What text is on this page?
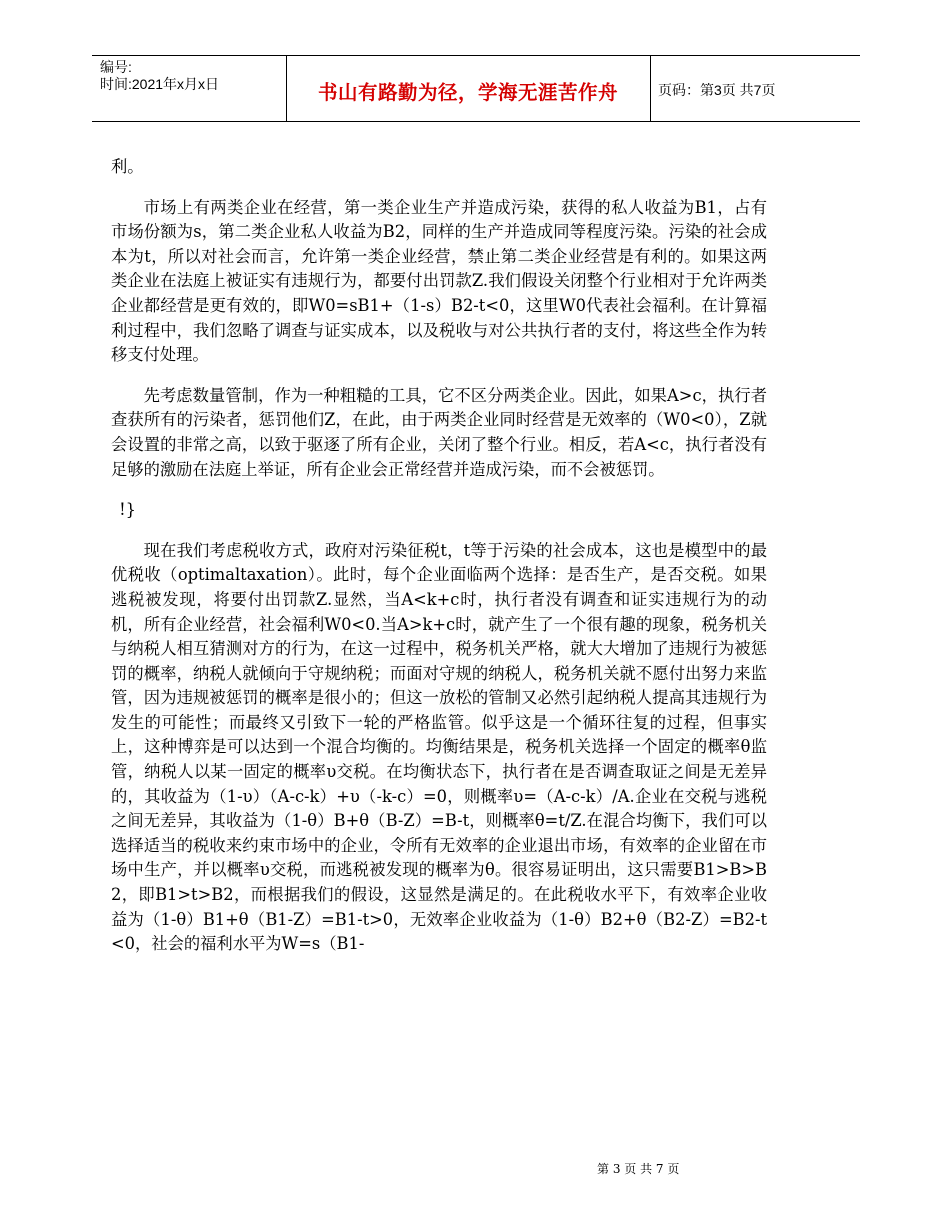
编号:
时间:2021年x月x日	书山有路勤为径，学海无涯苦作舟	页码：第3页 共7页

利。

市场上有两类企业在经营，第一类企业生产并造成污染，获得的私人收益为B1，占有市场份额为s，第二类企业私人收益为B2，同样的生产并造成同等程度污染。污染的社会成本为t，所以对社会而言，允许第一类企业经营，禁止第二类企业经营是有利的。如果这两类企业在法庭上被证实有违规行为，都要付出罚款Z.我们假设关闭整个行业相对于允许两类企业都经营是更有效的，即W0=sB1+（1-s）B2-t<0，这里W0代表社会福利。在计算福利过程中，我们忽略了调查与证实成本，以及税收与对公共执行者的支付，将这些全作为转移支付处理。

先考虑数量管制，作为一种粗糙的工具，它不区分两类企业。因此，如果A>c，执行者查获所有的污染者，惩罚他们Z，在此，由于两类企业同时经营是无效率的（W0<0），Z就会设置的非常之高，以致于驱逐了所有企业，关闭了整个行业。相反，若A<c，执行者没有足够的激励在法庭上举证，所有企业会正常经营并造成污染，而不会被惩罚。

!}

现在我们考虑税收方式，政府对污染征税t，t等于污染的社会成本，这也是模型中的最优税收（optimaltaxation）。此时，每个企业面临两个选择：是否生产，是否交税。如果逃税被发现，将要付出罚款Z.显然，当A<k+c时，执行者没有调查和证实违规行为的动机，所有企业经营，社会福利W0<0.当A>k+c时，就产生了一个很有趣的现象，税务机关与纳税人相互猜测对方的行为，在这一过程中，税务机关严格，就大大增加了违规行为被惩罚的概率，纳税人就倾向于守规纳税；而面对守规的纳税人，税务机关就不愿付出努力来监管，因为违规被惩罚的概率是很小的；但这一放松的管制又必然引起纳税人提高其违规行为发生的可能性；而最终又引致下一轮的严格监管。似乎这是一个循环往复的过程，但事实上，这种博弈是可以达到一个混合均衡的。均衡结果是，税务机关选择一个固定的概率θ监管，纳税人以某一固定的概率υ交税。在均衡状态下，执行者在是否调查取证之间是无差异的，其收益为（1-υ）（A-c-k）+υ（-k-c）=0，则概率υ=（A-c-k）/A.企业在交税与逃税之间无差异，其收益为（1-θ）B+θ（B-Z）=B-t，则概率θ=t/Z.在混合均衡下，我们可以选择适当的税收来约束市场中的企业，令所有无效率的企业退出市场，有效率的企业留在市场中生产，并以概率υ交税，而逃税被发现的概率为θ。很容易证明出，这只需要B1>B>B2，即B1>t>B2，而根据我们的假设，这显然是满足的。在此税收水平下，有效率企业收益为（1-θ）B1+θ（B1-Z）=B1-t>0，无效率企业收益为（1-θ）B2+θ（B2-Z）=B2-t<0，社会的福利水平为W=s（B1-

第 3 页 共 7 页
